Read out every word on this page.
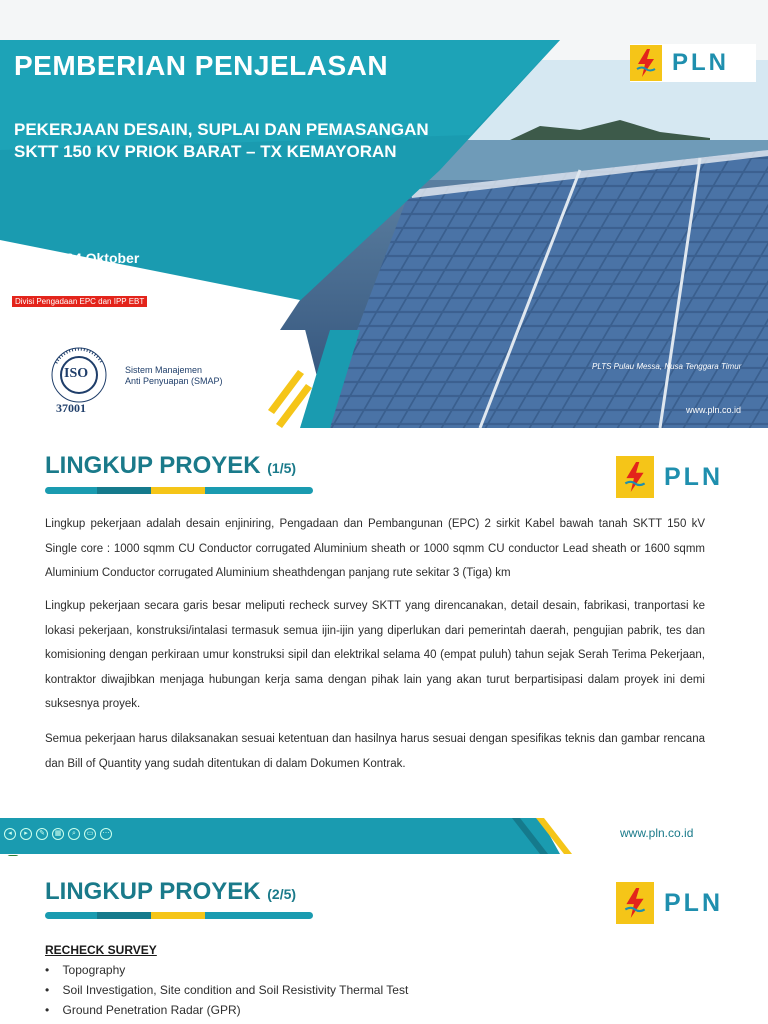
PEMBERIAN PENJELASAN
PEKERJAAN DESAIN, SUPLAI DAN PEMASANGAN
SKTT 150 KV PRIOK BARAT – TX KEMAYORAN
Selasa, 04 Oktober 2022
PLN Kantor Pusat
Divisi Pengadaan EPC dan IPP EBT
ISO
37001
Sistem Manajemen
Anti Penyuapan (SMAP)
PLTS Pulau Messa, Nusa Tenggara Timur
www.pln.co.id
PLN
LINGKUP PROYEK (1/5)	PLN
Lingkup pekerjaan adalah desain enjiniring, Pengadaan dan Pembangunan (EPC) 2 sirkit Kabel bawah tanah SKTT 150 kV Single core : 1000 sqmm CU Conductor corrugated Aluminium sheath or 1000 sqmm CU conductor Lead sheath or 1600 sqmm Aluminium Conductor corrugated Aluminium sheathdengan panjang rute sekitar 3 (Tiga) km
Lingkup pekerjaan secara garis besar meliputi recheck survey SKTT yang direncanakan, detail desain, fabrikasi, tranportasi ke lokasi pekerjaan, konstruksi/intalasi termasuk semua ijin-ijin yang diperlukan dari pemerintah daerah, pengujian pabrik, tes dan komisioning dengan perkiraan umur konstruksi sipil dan elektrikal selama 40 (empat puluh) tahun sejak Serah Terima Pekerjaan, kontraktor diwajibkan menjaga hubungan kerja sama dengan pihak lain yang akan turut berpartisipasi dalam proyek ini demi suksesnya proyek.
Semua pekerjaan harus dilaksanakan sesuai ketentuan dan hasilnya harus sesuai dengan spesifikas teknis dan gambar rencana dan Bill of Quantity yang sudah ditentukan di dalam Dokumen Kontrak.
www.pln.co.id
◂	▸	✎	▦	⌕	▭	⋯
LINGKUP PROYEK (2/5)	PLN
RECHECK SURVEY
•    Topography
•    Soil Investigation, Site condition and Soil Resistivity Thermal Test
•    Ground Penetration Radar (GPR)
